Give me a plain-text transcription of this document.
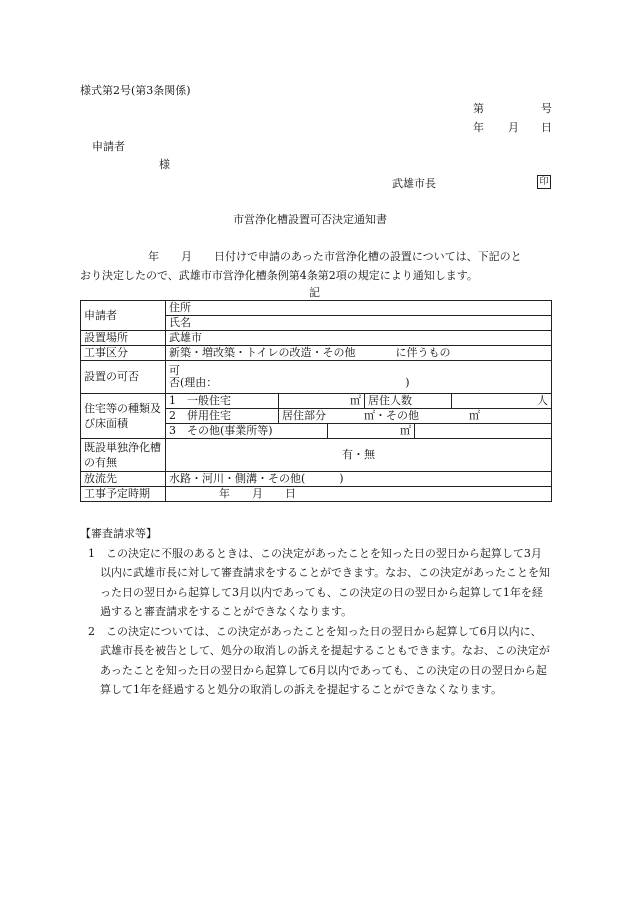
様式第2号(第3条関係)
第	号
年 月 日
申請者
様
武雄市長	印
市営浄化槽設置可否決定通知書
年 月 日付けで申請のあった市営浄化槽の設置については、下記のと
おり決定したので、武雄市市営浄化槽条例第4条第2項の規定により通知します。
記
申請者	住所
氏名
設置場所	武雄市
工事区分	新築・増改築・トイレの改造・その他	に伴うもの
設置の可否	可
否(理由：	)

住宅等の種類及び床面積	
1　一般住宅	㎡	居住人数	人

2　併用住宅	居住部分	㎡・その他	㎡

3　その他(事業所等)	㎡	

既設単独浄化槽の有無	有・無
放流先	水路・河川・側溝・その他(	)
工事予定時期	年 月 日
【審査請求等】
1　この決定に不服のあるときは、この決定があったことを知った日の翌日から起算して3月以内に武雄市長に対して審査請求をすることができます。なお、この決定があったことを知った日の翌日から起算して3月以内であっても、この決定の日の翌日から起算して1年を経過すると審査請求をすることができなくなります。
2　この決定については、この決定があったことを知った日の翌日から起算して6月以内に、武雄市長を被告として、処分の取消しの訴えを提起することもできます。なお、この決定があったことを知った日の翌日から起算して6月以内であっても、この決定の日の翌日から起算して1年を経過すると処分の取消しの訴えを提起することができなくなります。
